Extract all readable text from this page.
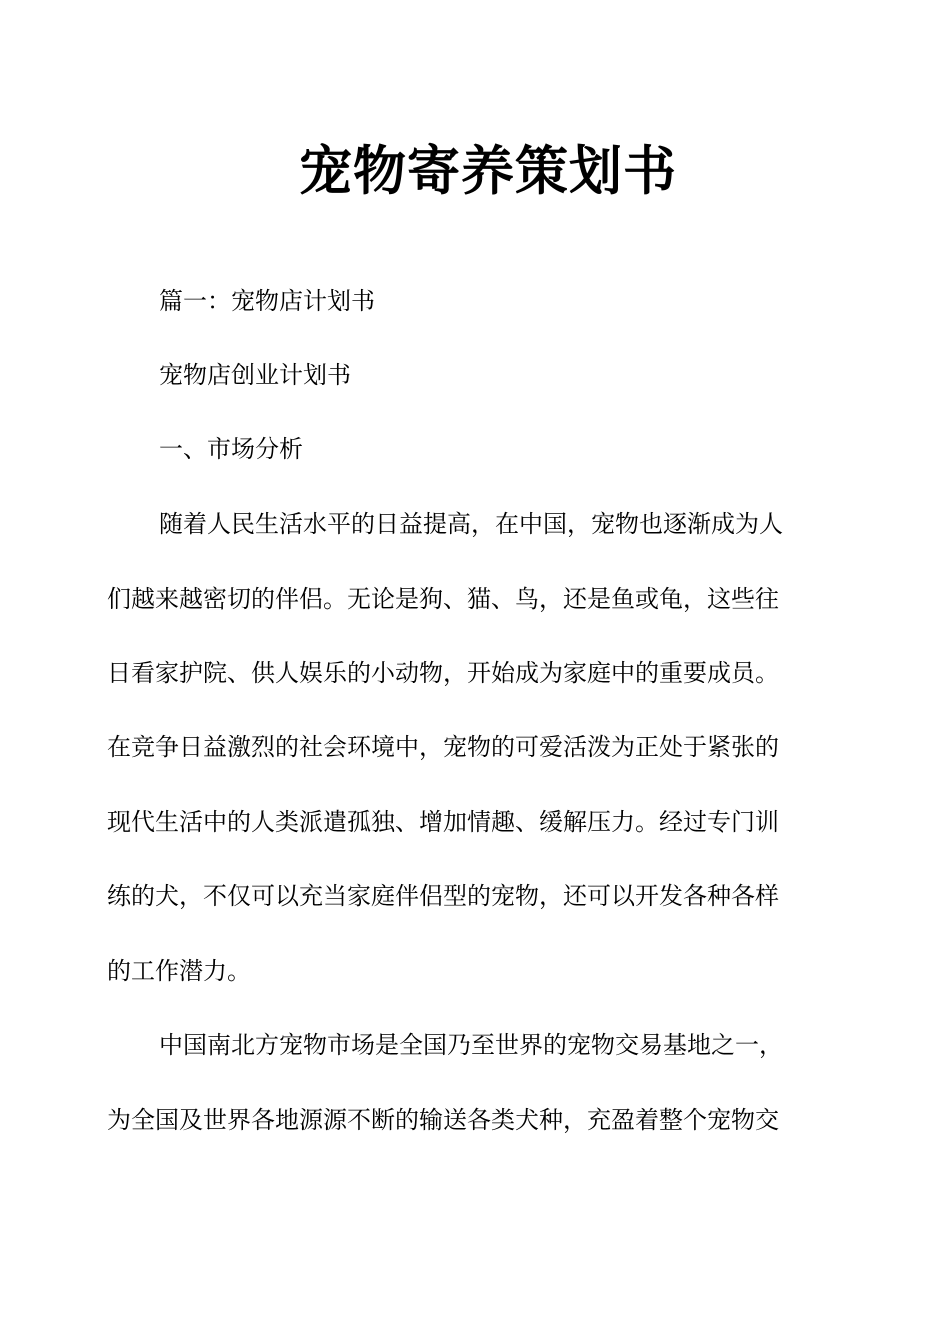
宠物寄养策划书

篇一：宠物店计划书

宠物店创业计划书

一、市场分析

随着人民生活水平的日益提高，在中国，宠物也逐渐成为人

们越来越密切的伴侣。无论是狗、猫、鸟，还是鱼或龟，这些往

日看家护院、供人娱乐的小动物，开始成为家庭中的重要成员。

在竞争日益激烈的社会环境中，宠物的可爱活泼为正处于紧张的

现代生活中的人类派遣孤独、增加情趣、缓解压力。经过专门训

练的犬，不仅可以充当家庭伴侣型的宠物，还可以开发各种各样

的工作潜力。

中国南北方宠物市场是全国乃至世界的宠物交易基地之一，

为全国及世界各地源源不断的输送各类犬种，充盈着整个宠物交
